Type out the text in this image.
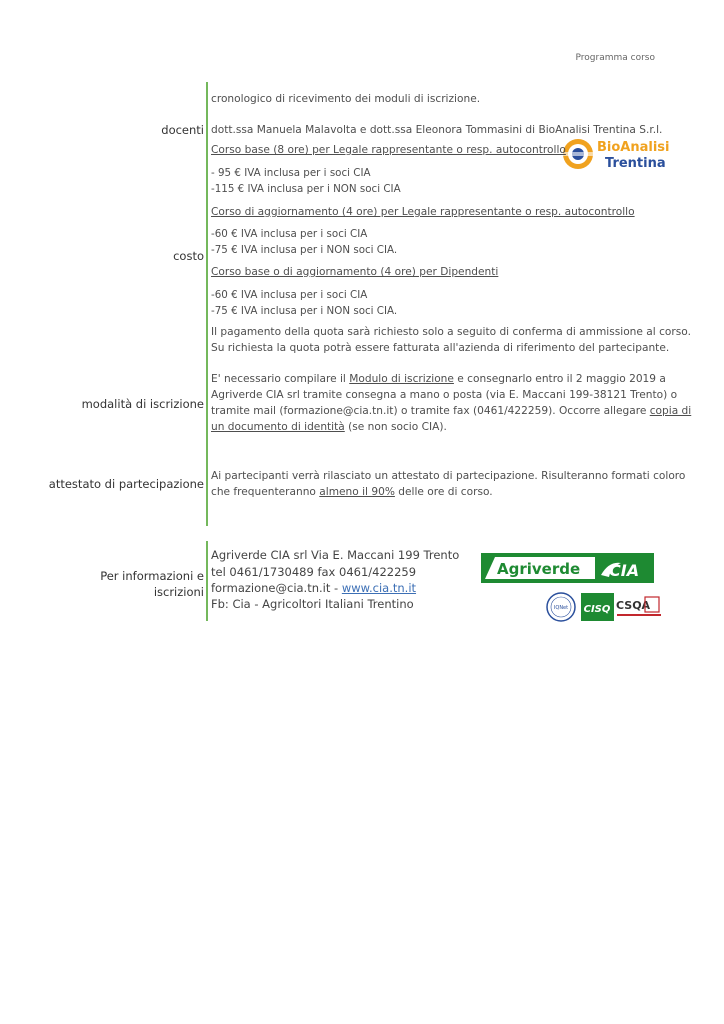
Programma corso
cronologico di ricevimento dei moduli di iscrizione.
docenti dott.ssa Manuela Malavolta e dott.ssa Eleonora Tommasini di BioAnalisi Trentina S.r.l.
BioAnalisi
Trentina
costo
Corso base (8 ore) per Legale rappresentante o resp. autocontrollo
- 95 € IVA inclusa per i soci CIA
-115 € IVA inclusa per i NON soci CIA
Corso di aggiornamento (4 ore) per Legale rappresentante o resp. autocontrollo
-60 € IVA inclusa per i soci CIA
-75 € IVA inclusa per i NON soci CIA.
Corso base o di aggiornamento (4 ore) per Dipendenti
-60 € IVA inclusa per i soci CIA
-75 € IVA inclusa per i NON soci CIA.
Il pagamento della quota sarà richiesto solo a seguito di conferma di ammissione al corso.
Su richiesta la quota potrà essere fatturata all'azienda di riferimento del partecipante.
modalità di iscrizione
E' necessario compilare il Modulo di iscrizione e consegnarlo entro il 2 maggio 2019 a
Agriverde CIA srl tramite consegna a mano o posta (via E. Maccani 199-38121 Trento) o
tramite mail (formazione@cia.tn.it) o tramite fax (0461/422259). Occorre allegare copia di
un documento di identità (se non socio CIA).
attestato di partecipazione
Ai partecipanti verrà rilasciato un attestato di partecipazione. Risulteranno formati coloro
che frequenteranno almeno il 90% delle ore di corso.
Per informazioni e
iscrizioni
Agriverde CIA srl Via E. Maccani 199 Trento
tel 0461/1730489 fax 0461/422259
formazione@cia.tn.it - www.cia.tn.it
Fb: Cia - Agricoltori Italiani Trentino
Agriverde CIA
IQNet CISQ CSQA
